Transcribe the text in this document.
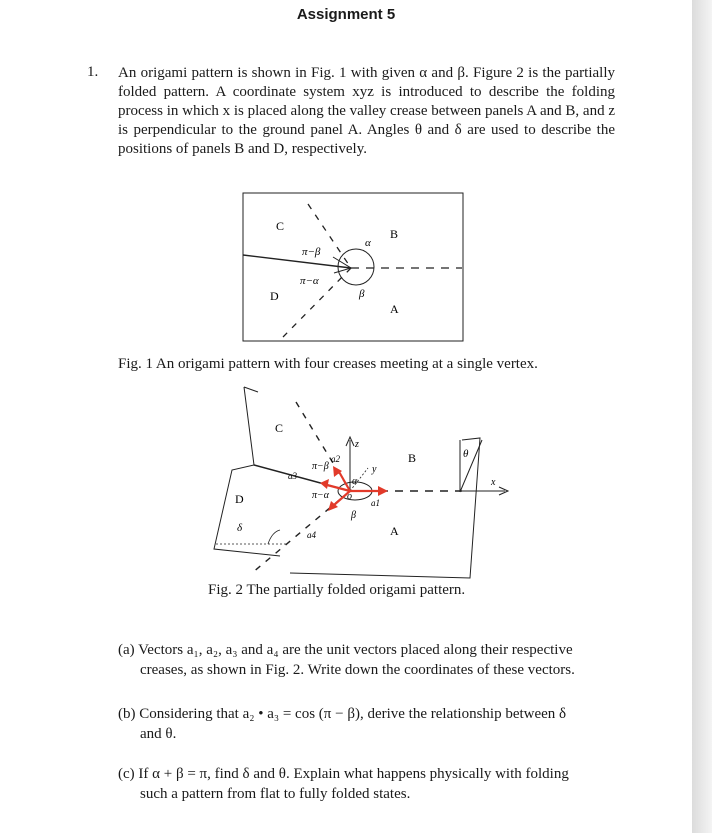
Assignment 5
1. An origami pattern is shown in Fig. 1 with given α and β. Figure 2 is the partially folded pattern. A coordinate system xyz is introduced to describe the folding process in which x is placed along the valley crease between panels A and B, and z is perpendicular to the ground panel A. Angles θ and δ are used to describe the positions of panels B and D, respectively.
C
B
D
A
α
β
π−β
π−α
Fig. 1 An origami pattern with four creases meeting at a single vertex.
C
B
D
A
δ
θ
z
y
x
o
α
β
π−β
π−α
a1
a2
a3
a4
Fig. 2 The partially folded origami pattern.
(a) Vectors a₁, a₂, a₃ and a₄ are the unit vectors placed along their respective
creases, as shown in Fig. 2. Write down the coordinates of these vectors.
(b) Considering that a₂ • a₃ = cos (π − β), derive the relationship between δ
and θ.
(c) If α + β = π, find δ and θ. Explain what happens physically with folding
such a pattern from flat to fully folded states.
